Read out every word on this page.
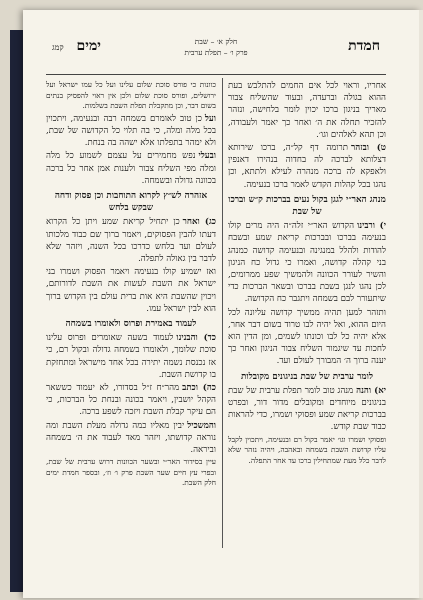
חמדת
חלק א׳ – שבת
פרק ו׳ – תפלת ערבית
ימים קמג
אחריו, וראוי לכל אים החמים להתלבש בעת ההוא בגולה וברעדה, ובעוד שהשליח צבור מאריך בניגון ברכו יכוין לומר בלחישה, ונזהר להזכיר תחלה את ה׳ ואחר כך יאמר ולעבודה, וכן תהא לאלהים וגו׳.
ט) ובזהרתרומה דף קל״ה, ברכו שירותא דצלותא לברכה לה בחדוה בנהירו דאנפין ולאפקא לה ברכה מנהרה לעילא ולתתא, וכן נהגו בכל קהלות הקדש לאמר ברכו בנעימה.
מנהג האר״י לגגן בקול נעים בברכות ק״ש וברכו של שבת
י) ורבינוהקדוש האר״י זלה״ה היה מרים קולו בנעימה בברכו ובברכות קריאת שמע ובשבח להודות ולהלל במנגינה ובנעימה קדושה כמנהג בני קהלה קדושה, ואמרו כי גדול כח הניגון והשיר לעורר הכוונה ולהמשיך שפע ממרומים, לכן נהגו לנגן בשבת בברכו ובשאר הברכות כדי שיתעורר לבם בשמחה ויתגבר כח הקדושה.
ותזהר למען תהיה ממשיך קדושה עליונה לכל היום ההוא, ואל יהיה לבו טרוד בשום דבר אחר, אלא יהיה כל לבו וכונתו לשמים, ומן הדין הוא לחכות עד שיגמור השליח צבור הניגון ואחר כך יענה ברוך ה׳ המבורך לעולם ועד.
לומר ערבית של שבת בניגונים מקובלות
יא) והנהמנהג טוב לומר תפלת ערבית של שבת בניגונים מיוחדים ומקובלים מדור דור, ובפרט בברכות קריאת שמע ופסוקי ושמרו, כדי להראות כבוד שבת קודש.
ופסוקי ושמרו וגו׳ יאמר בקול רם ובנעימה, ויתכוין לקבל עליו קדושת השבת בשמחה ובאהבה, ויהיה נזהר שלא לדבר כלל מעת שמתחילין ברכו עד אחר התפלה.
כוונות כי פורס סוכת שלום עלינו ועל כל עמו ישראל ועל ירושלים, ופורס סוכת שלום ולכן אין ראוי להפסיק בנתים בשום דבר, וכן מתקבלת תפלת השבת בשלמות.
ועלכן טוב לאומרם בשמחה רבה ובנעימה, ויתכוין בכל מלה ומלה, כי בה תלוי כל הקדושה של שבת, ולא ימהר בתפלתו אלא ישהה בה בנחת.
ובעלינפש מחמירים על עצמם לשמוע כל מלה ומלה מפי השליח צבור ולענות אמן אחר כל ברכה בכוונה גדולה ובשמחה.
אזהרה לש״ץ לקרוא התוחבות וכן פסוק ודחה שבקש בלחש
כג) ואחרכן יתחיל קריאת שמע ויתן כל הקרוא דעתו להבין הפסוקים, ויאמר ברוך שם כבוד מלכותו לעולם ועד בלחש כדרכו בכל השנה, ויזהר שלא לדבר בין גאולה לתפלה.
ואז ישמיע קולו בנעימה ויאמר הפסוק ושמרו בני ישראל את השבת לעשות את השבת לדורותם, ויכוין שהשבת היא אות ברית עולם בין הקדוש ברוך הוא לבין ישראל עמו.
לעמוד באמירת ופרוס ולאומרו בשמחה
כד) והבנינולעמוד בשעה שאומרים ופרוס עלינו סוכת שלומך, ולאומרו בשמחה גדולה ובקול רם, כי אז נכנסת נשמה יתירה בכל אחד מישראל ומתחזקת בו קדושת השבת.
כה) וכתבמהר״ח ז״ל בסדורו, לא יעמוד כששאר הקהל יושבין, ויאמר בכונה ובנחת כל הברכות, כי הם עיקר קבלת השבת ויזכה לשפע ברכה.
והמשכיליבין מאליו כמה גדולה מעלת השבת ומה נוראה קדושתו, ויזהר מאד לעבוד את ה׳ בשמחה וביראה.
עיין בסידור האר״י ובשער הכוונות דרוש ערבית של שבת, ובפרי עץ חיים שער השבת פרק ו׳ וז׳, ובספר חמדת ימים חלק השבת.
